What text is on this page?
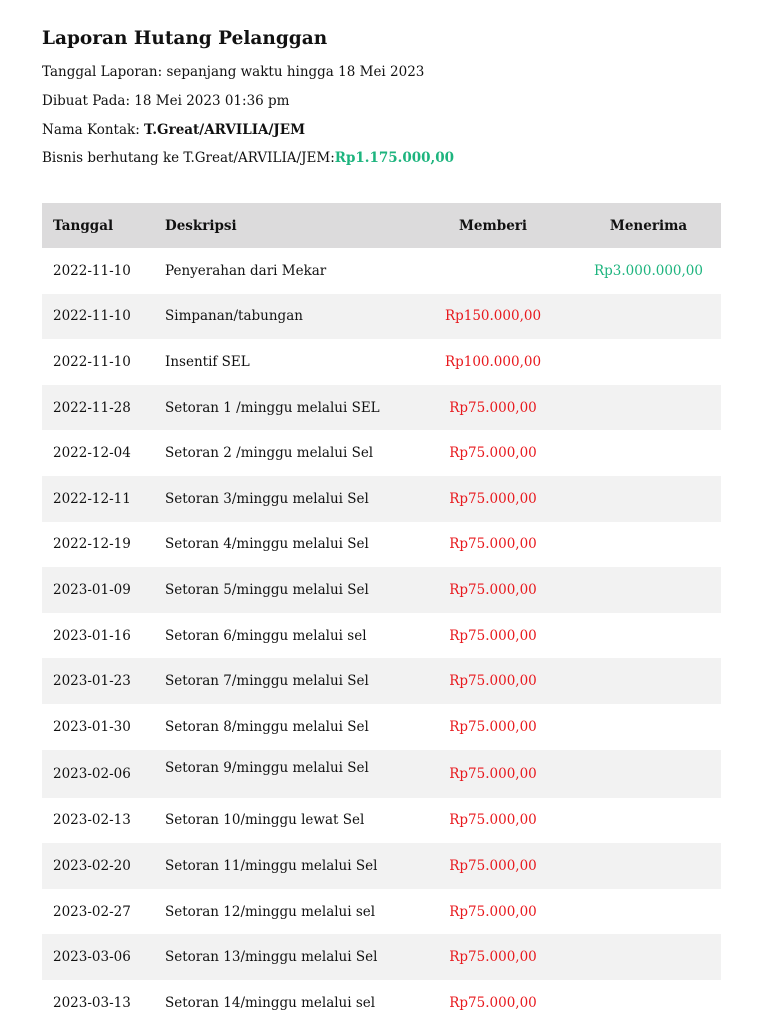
Laporan Hutang Pelanggan
Tanggal Laporan: sepanjang waktu hingga 18 Mei 2023
Dibuat Pada: 18 Mei 2023 01:36 pm
Nama Kontak: T.Great/ARVILIA/JEM
Bisnis berhutang ke T.Great/ARVILIA/JEM:Rp1.175.000,00
Tanggal	Deskripsi	Memberi	Menerima
2022-11-10	Penyerahan dari Mekar		Rp3.000.000,00
2022-11-10	Simpanan/tabungan	Rp150.000,00	
2022-11-10	Insentif SEL	Rp100.000,00	
2022-11-28	Setoran 1 /minggu melalui SEL	Rp75.000,00	
2022-12-04	Setoran 2 /minggu melalui Sel	Rp75.000,00	
2022-12-11	Setoran 3/minggu melalui Sel	Rp75.000,00	
2022-12-19	Setoran 4/minggu melalui Sel	Rp75.000,00	
2023-01-09	Setoran 5/minggu melalui Sel	Rp75.000,00	
2023-01-16	Setoran 6/minggu melalui sel	Rp75.000,00	
2023-01-23	Setoran 7/minggu melalui Sel	Rp75.000,00	
2023-01-30	Setoran 8/minggu melalui Sel	Rp75.000,00	
2023-02-06	Setoran 9/minggu melalui Sel	Rp75.000,00	
2023-02-13	Setoran 10/minggu lewat Sel	Rp75.000,00	
2023-02-20	Setoran 11/minggu melalui Sel	Rp75.000,00	
2023-02-27	Setoran 12/minggu melalui sel	Rp75.000,00	
2023-03-06	Setoran 13/minggu melalui Sel	Rp75.000,00	
2023-03-13	Setoran 14/minggu melalui sel	Rp75.000,00	
